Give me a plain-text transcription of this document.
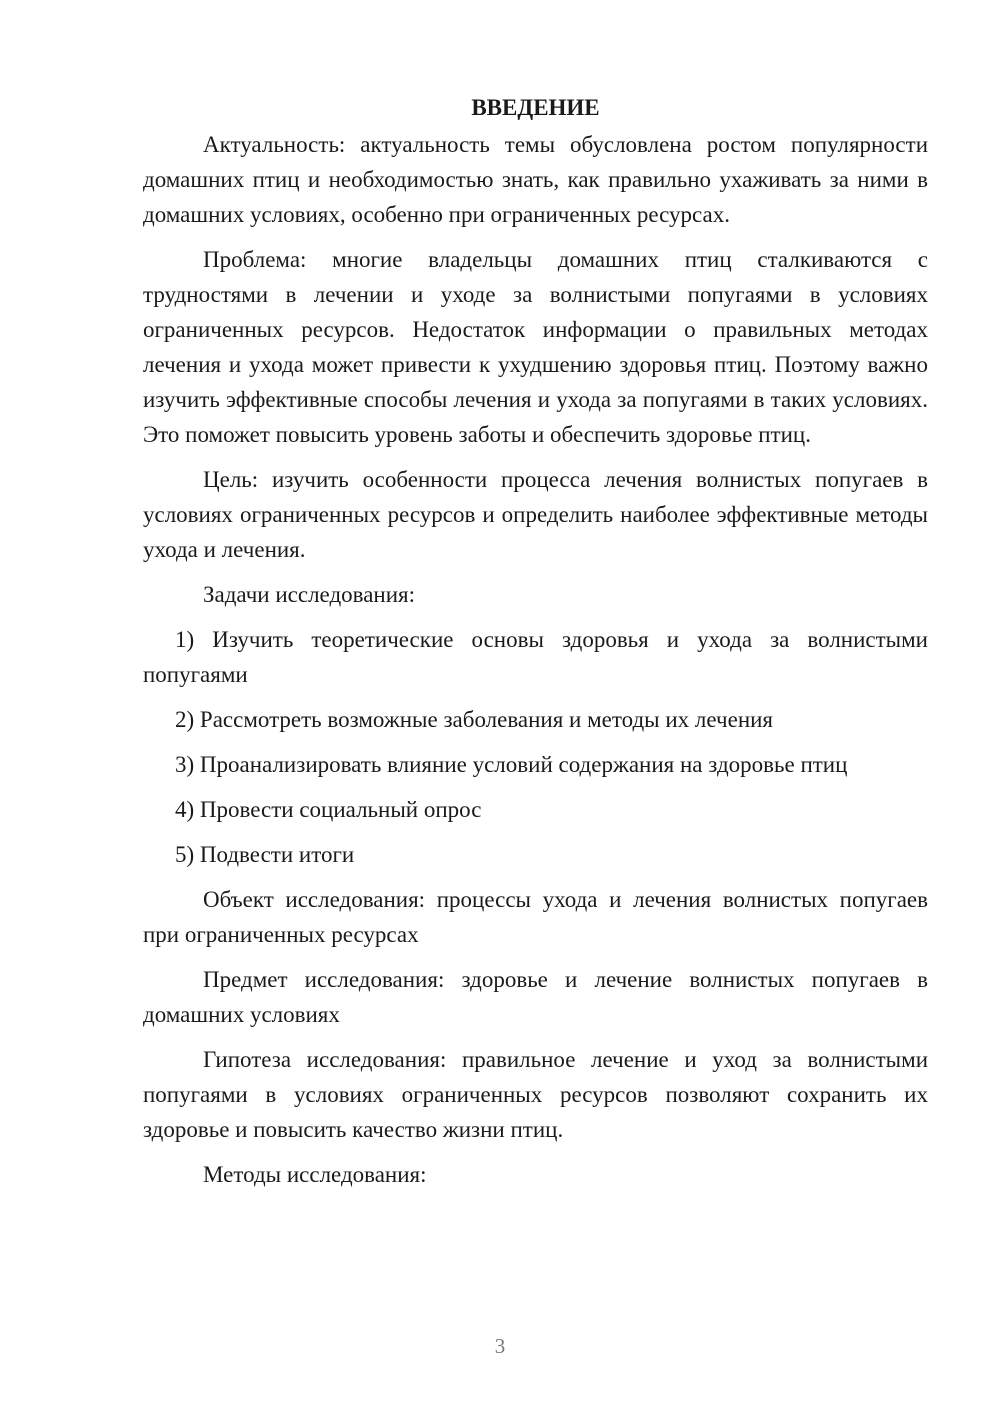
ВВЕДЕНИЕ

Актуальность: актуальность темы обусловлена ростом популярности домашних птиц и необходимостью знать, как правильно ухаживать за ними в домашних условиях, особенно при ограниченных ресурсах.

Проблема: многие владельцы домашних птиц сталкиваются с трудностями в лечении и уходе за волнистыми попугаями в условиях ограниченных ресурсов. Недостаток информации о правильных методах лечения и ухода может привести к ухудшению здоровья птиц. Поэтому важно изучить эффективные способы лечения и ухода за попугаями в таких условиях. Это поможет повысить уровень заботы и обеспечить здоровье птиц.

Цель: изучить особенности процесса лечения волнистых попугаев в условиях ограниченных ресурсов и определить наиболее эффективные методы ухода и лечения.

Задачи исследования:

1) Изучить теоретические основы здоровья и ухода за волнистыми попугаями

2) Рассмотреть возможные заболевания и методы их лечения

3) Проанализировать влияние условий содержания на здоровье птиц

4) Провести социальный опрос

5) Подвести итоги

Объект исследования: процессы ухода и лечения волнистых попугаев при ограниченных ресурсах

Предмет исследования: здоровье и лечение волнистых попугаев в домашних условиях

Гипотеза исследования: правильное лечение и уход за волнистыми попугаями в условиях ограниченных ресурсов позволяют сохранить их здоровье и повысить качество жизни птиц.

Методы исследования:

3
